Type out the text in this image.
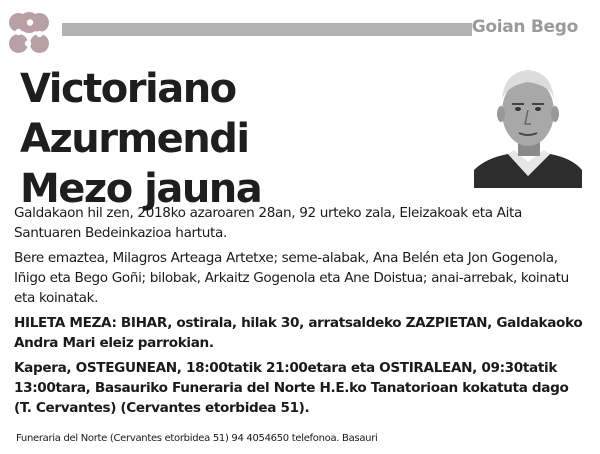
Goian Bego
Victoriano Azurmendi
Mezo jauna

Galdakaon hil zen, 2018ko azaroaren 28an, 92 urteko zala, Eleizakoak eta Aita Santuaren Bedeinkazioa hartuta.

Bere emaztea, Milagros Arteaga Artetxe; seme-alabak, Ana Belén eta Jon Gogenola, Iñigo eta Bego Goñi; bilobak, Arkaitz Gogenola eta Ane Doistua; anai-arrebak, koinatu eta koinatak.

HILETA MEZA: BIHAR, ostirala, hilak 30, arratsaldeko ZAZPIETAN, Galdakaoko Andra Mari eleiz parrokian.

Kapera, OSTEGUNEAN, 18:00tatik 21:00etara eta OSTIRALEAN, 09:30tatik 13:00tara, Basauriko Funeraria del Norte H.E.ko Tanatorioan kokatuta dago (T. Cervantes) (Cervantes etorbidea 51).

Funeraria del Norte (Cervantes etorbidea 51) 94 4054650 telefonoa. Basauri
